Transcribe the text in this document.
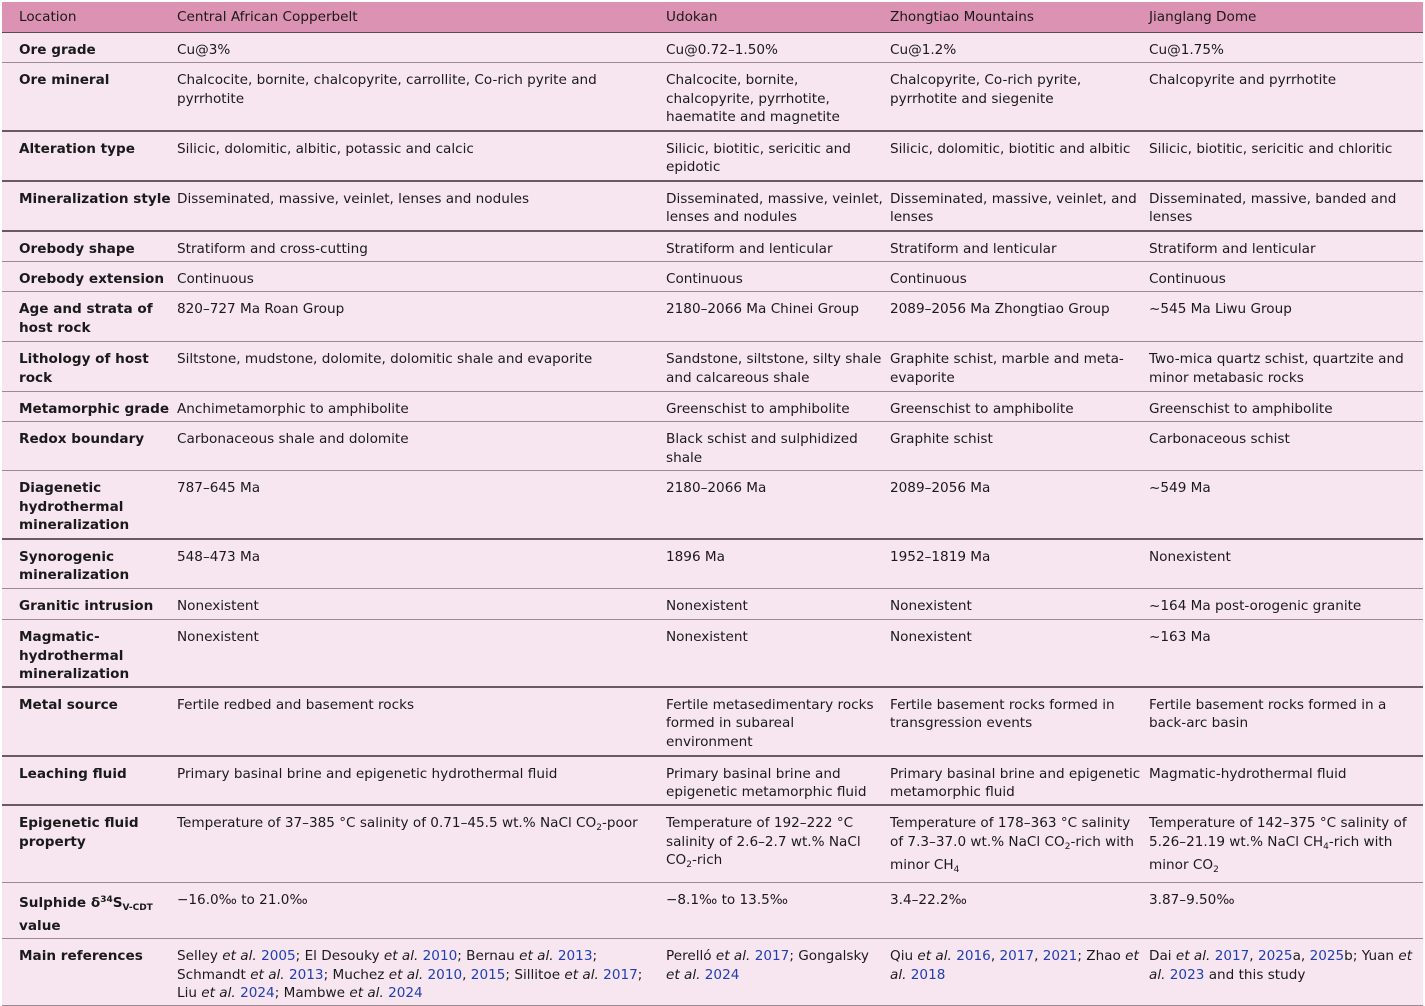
Location	Central African Copperbelt	Udokan	Zhongtiao Mountains	Jianglang Dome
Ore grade	Cu@3%	Cu@0.72–1.50%	Cu@1.2%	Cu@1.75%
Ore mineral	Chalcocite, bornite, chalcopyrite, carrollite, Co-rich pyrite and pyrrhotite	Chalcocite, bornite, chalcopyrite, pyrrhotite, haematite and magnetite	Chalcopyrite, Co-rich pyrite, pyrrhotite and siegenite	Chalcopyrite and pyrrhotite
Alteration type	Silicic, dolomitic, albitic, potassic and calcic	Silicic, biotitic, sericitic and epidotic	Silicic, dolomitic, biotitic and albitic	Silicic, biotitic, sericitic and chloritic
Mineralization style	Disseminated, massive, veinlet, lenses and nodules	Disseminated, massive, veinlet, lenses and nodules	Disseminated, massive, veinlet, and lenses	Disseminated, massive, banded and lenses
Orebody shape	Stratiform and cross-cutting	Stratiform and lenticular	Stratiform and lenticular	Stratiform and lenticular
Orebody extension	Continuous	Continuous	Continuous	Continuous
Age and strata of host rock	820–727 Ma Roan Group	2180–2066 Ma Chinei Group	2089–2056 Ma Zhongtiao Group	~545 Ma Liwu Group
Lithology of host rock	Siltstone, mudstone, dolomite, dolomitic shale and evaporite	Sandstone, siltstone, silty shale and calcareous shale	Graphite schist, marble and meta-evaporite	Two-mica quartz schist, quartzite and minor metabasic rocks
Metamorphic grade	Anchimetamorphic to amphibolite	Greenschist to amphibolite	Greenschist to amphibolite	Greenschist to amphibolite
Redox boundary	Carbonaceous shale and dolomite	Black schist and sulphidized shale	Graphite schist	Carbonaceous schist
Diagenetic hydrothermal mineralization	787–645 Ma	2180–2066 Ma	2089–2056 Ma	~549 Ma
Synorogenic mineralization	548–473 Ma	1896 Ma	1952–1819 Ma	Nonexistent
Granitic intrusion	Nonexistent	Nonexistent	Nonexistent	~164 Ma post-orogenic granite
Magmatic-hydrothermal mineralization	Nonexistent	Nonexistent	Nonexistent	~163 Ma
Metal source	Fertile redbed and basement rocks	Fertile metasedimentary rocks formed in subareal environment	Fertile basement rocks formed in transgression events	Fertile basement rocks formed in a back-arc basin
Leaching fluid	Primary basinal brine and epigenetic hydrothermal fluid	Primary basinal brine and epigenetic metamorphic fluid	Primary basinal brine and epigenetic metamorphic fluid	Magmatic-hydrothermal fluid
Epigenetic fluid property	Temperature of 37–385 °C salinity of 0.71–45.5 wt.% NaCl $CO_2$-poor	Temperature of 192–222 °C salinity of 2.6–2.7 wt.% NaCl $CO_2$-rich	Temperature of 178–363 °C salinity of 7.3–37.0 wt.% NaCl $CO_2$-rich with minor $CH_4$	Temperature of 142–375 °C salinity of 5.26–21.19 wt.% NaCl $CH_4$-rich with minor $CO_2$
Sulphide $\delta^{34}S_{V-CDT}$ value	−16.0‰ to 21.0‰	−8.1‰ to 13.5‰	3.4–22.2‰	3.87–9.50‰
Main references	Selley et al. 2005; El Desouky et al. 2010; Bernau et al. 2013; Schmandt et al. 2013; Muchez et al. 2010, 2015; Sillitoe et al. 2017; Liu et al. 2024; Mambwe et al. 2024	Perelló et al. 2017; Gongalsky et al. 2024	Qiu et al. 2016, 2017, 2021; Zhao et al. 2018	Dai et al. 2017, 2025a, 2025b; Yuan et al. 2023 and this study
